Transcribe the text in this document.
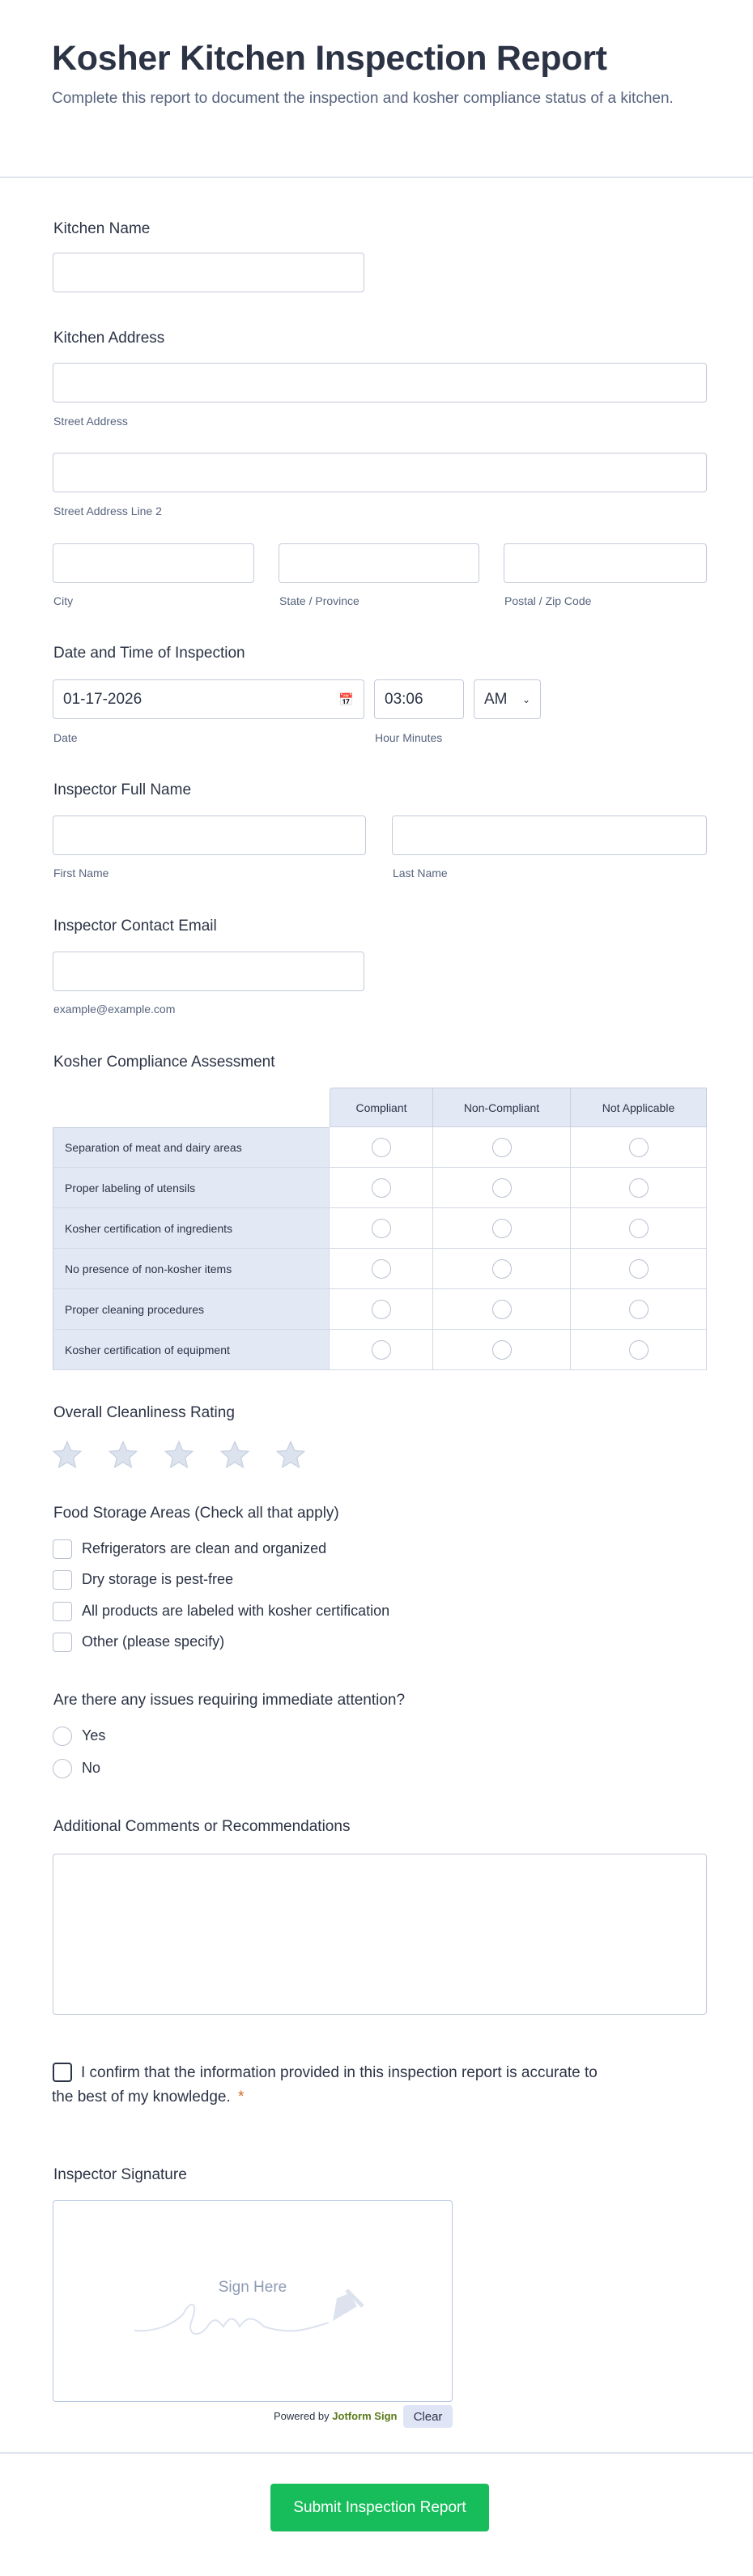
Kosher Kitchen Inspection Report

Complete this report to document the inspection and kosher compliance status of a kitchen.

Kitchen Name
Kitchen Address
Street Address
Street Address Line 2
City	State / Province	Postal / Zip Code
Date and Time of Inspection
01-17-2026	📅	03:06	AM ⌄
Date	Hour Minutes
Inspector Full Name
First Name	Last Name
Inspector Contact Email
example@example.com
Kosher Compliance Assessment
	Compliant	Non-Compliant	Not Applicable
Separation of meat and dairy areas			
Proper labeling of utensils			
Kosher certification of ingredients			
No presence of non-kosher items			
Proper cleaning procedures			
Kosher certification of equipment			
Overall Cleanliness Rating
Food Storage Areas (Check all that apply)
Refrigerators are clean and organized
Dry storage is pest-free
All products are labeled with kosher certification
Other (please specify)
Are there any issues requiring immediate attention?
Yes
No
Additional Comments or Recommendations
I confirm that the information provided in this inspection report is accurate to the best of my knowledge. *
Inspector Signature
Sign Here
Powered by Jotform Sign	Clear
Submit Inspection Report
